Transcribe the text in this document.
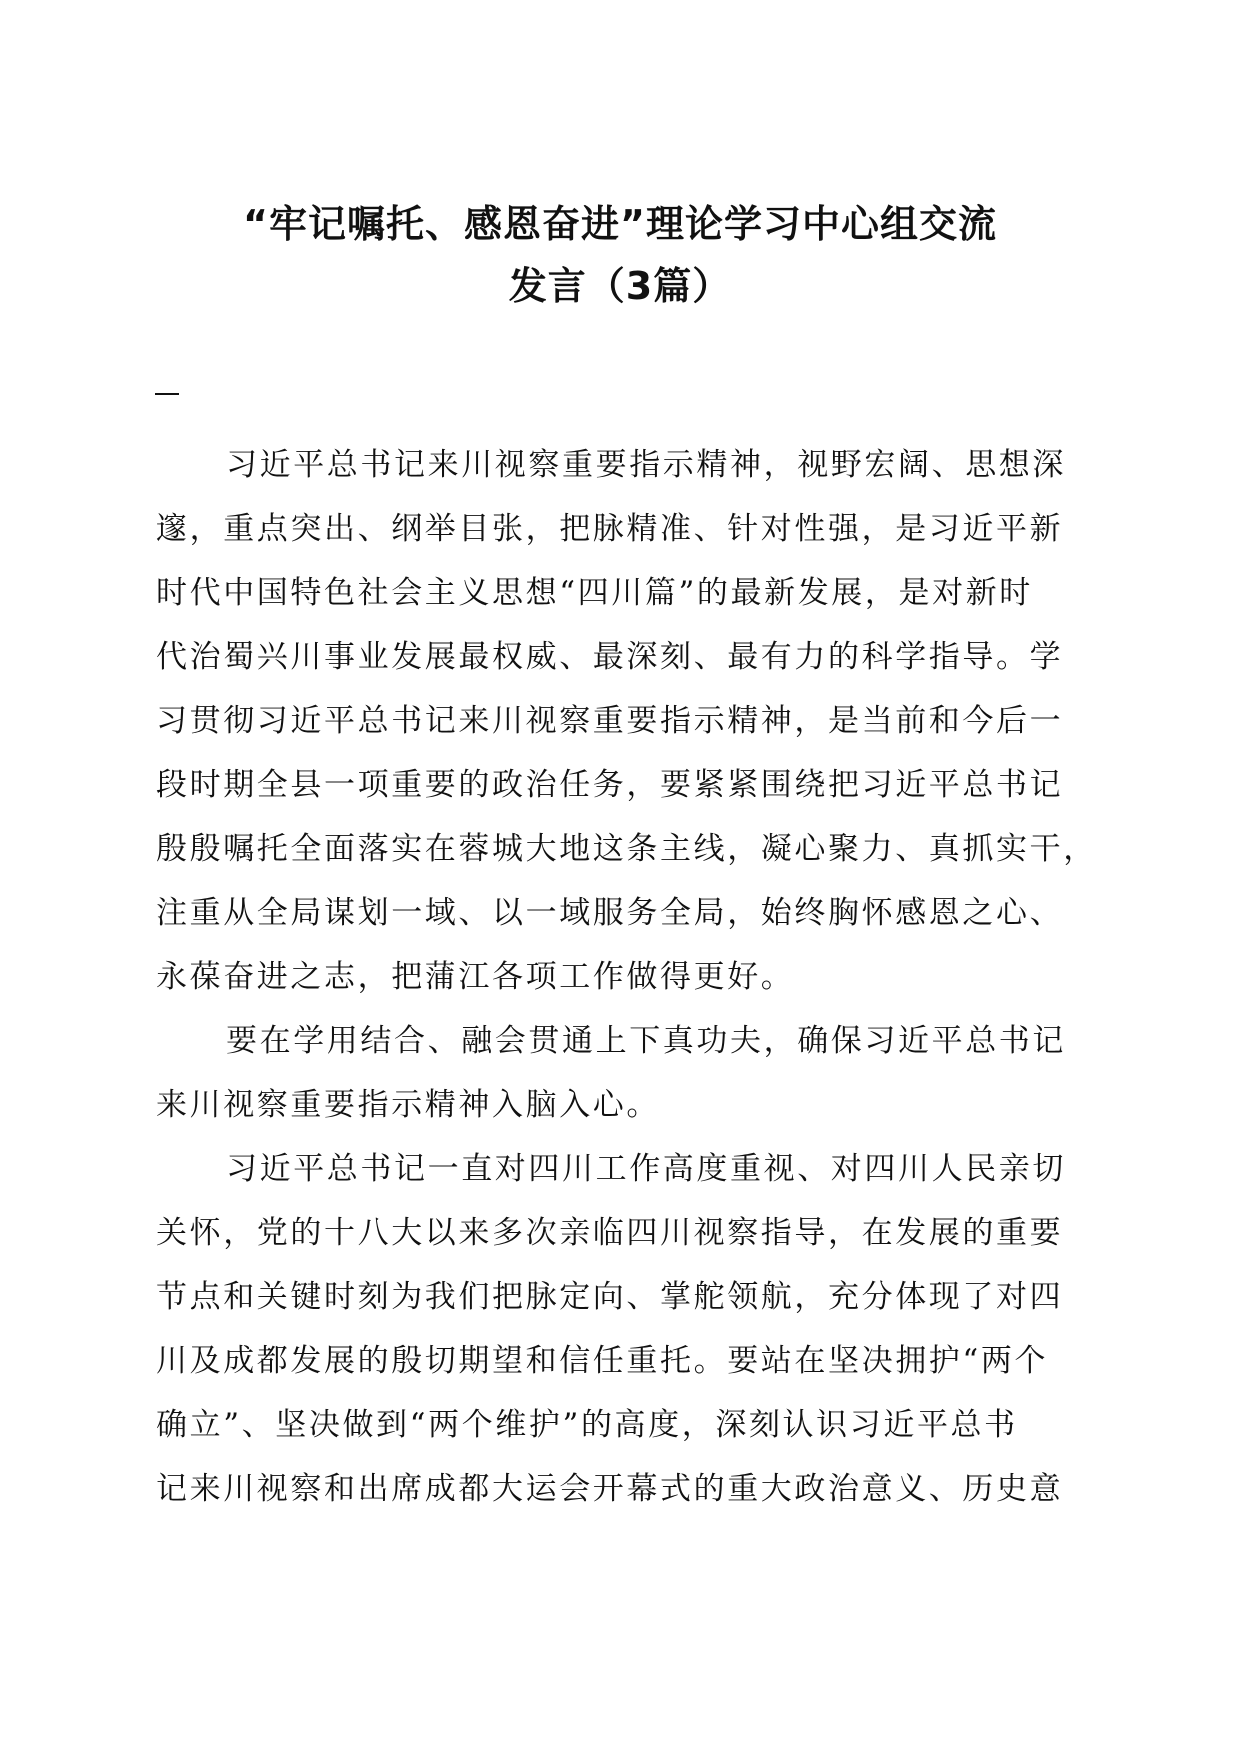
“牢记嘱托、感恩奋进”理论学习中心组交流
发言（3篇）
习近平总书记来川视察重要指示精神，视野宏阔、思想深
邃，重点突出、纲举目张，把脉精准、针对性强，是习近平新
时代中国特色社会主义思想“四川篇”的最新发展，是对新时
代治蜀兴川事业发展最权威、最深刻、最有力的科学指导。学
习贯彻习近平总书记来川视察重要指示精神，是当前和今后一
段时期全县一项重要的政治任务，要紧紧围绕把习近平总书记
殷殷嘱托全面落实在蓉城大地这条主线，凝心聚力、真抓实干，
注重从全局谋划一域、以一域服务全局，始终胸怀感恩之心、
永葆奋进之志，把蒲江各项工作做得更好。
要在学用结合、融会贯通上下真功夫，确保习近平总书记
来川视察重要指示精神入脑入心。
习近平总书记一直对四川工作高度重视、对四川人民亲切
关怀，党的十八大以来多次亲临四川视察指导，在发展的重要
节点和关键时刻为我们把脉定向、掌舵领航，充分体现了对四
川及成都发展的殷切期望和信任重托。要站在坚决拥护“两个
确立”、坚决做到“两个维护”的高度，深刻认识习近平总书
记来川视察和出席成都大运会开幕式的重大政治意义、历史意
